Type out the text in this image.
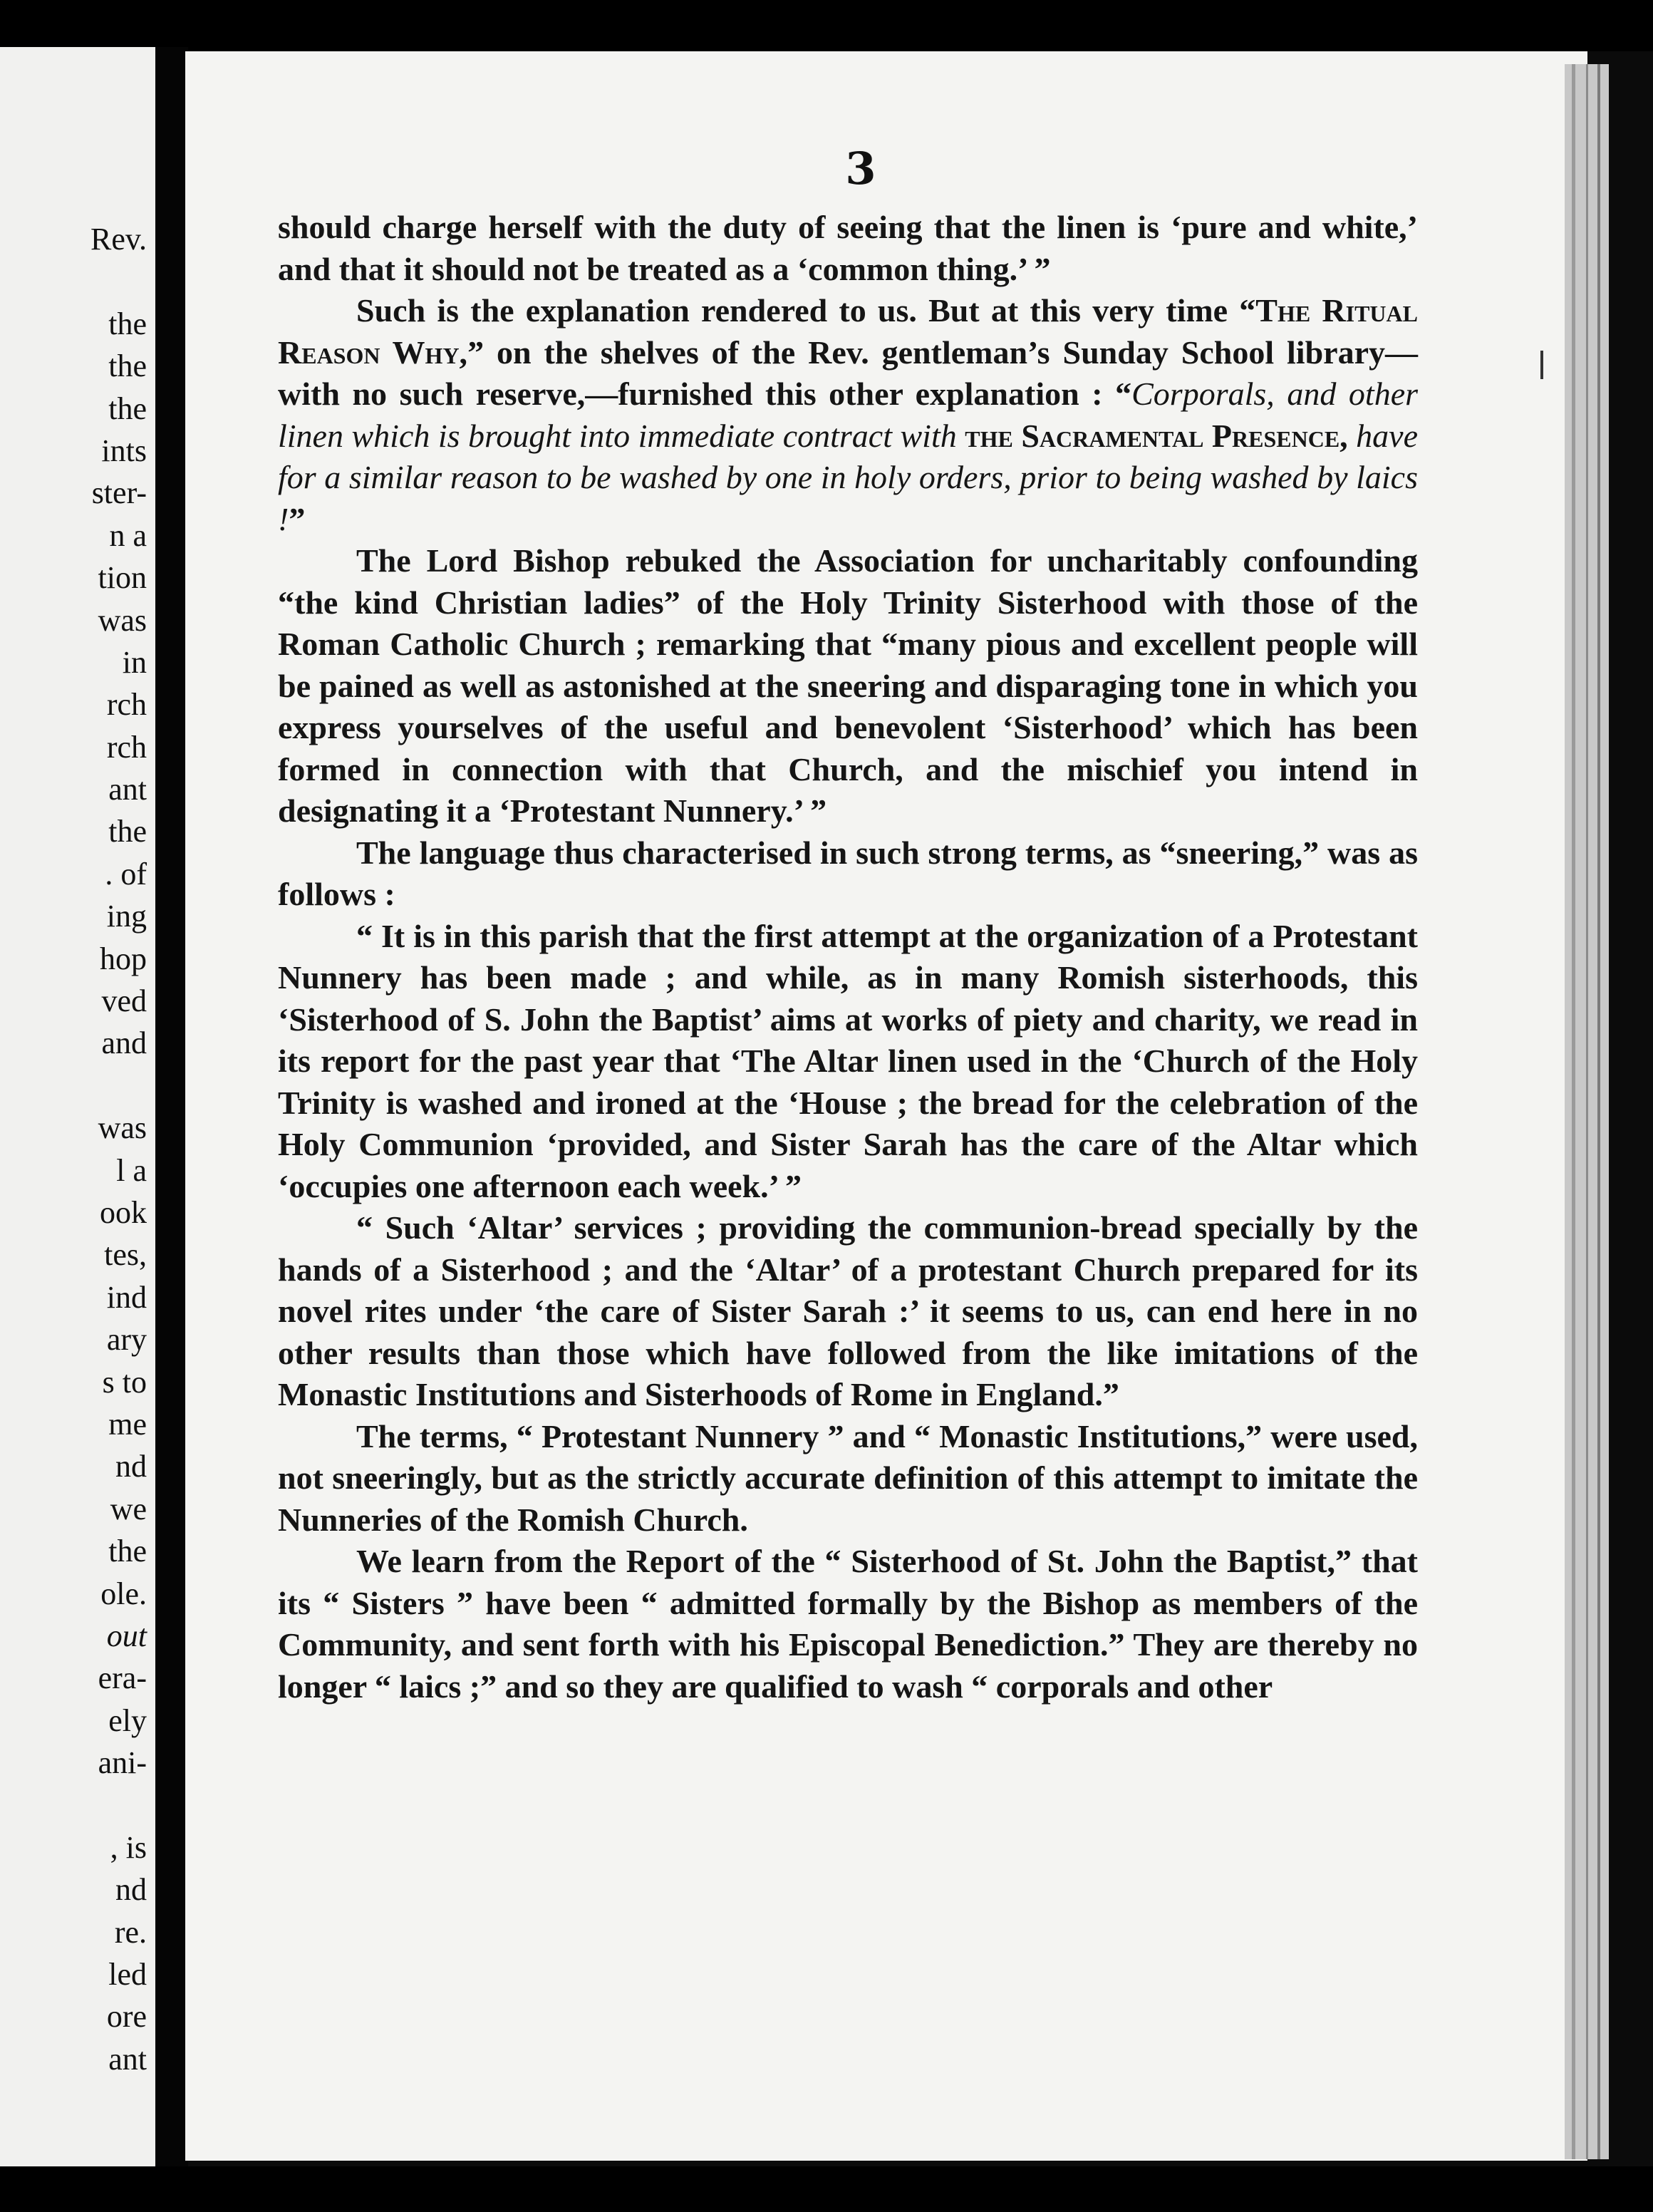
Rev.
the
the
the
ints
ster-
n a
tion
was
in
rch
rch
ant
the
. of
ing
hop
ved
and
was
l a
ook
tes,
ind
ary
s to
me
nd
we
the
ole.
out
era-
ely
ani-
, is
nd
re.
led
ore
ant
3

should charge herself with the duty of seeing that the linen is ‘pure and white,’ and that it should not be treated as a ‘common thing.’ ”

Such is the explanation rendered to us. But at this very time “The Ritual Reason Why,” on the shelves of the Rev. gentleman’s Sunday School library—with no such reserve,—furnished this other explanation : “Corporals, and other linen which is brought into immediate contract with the Sacramental Presence, have for a similar reason to be washed by one in holy orders, prior to being washed by laics !”

The Lord Bishop rebuked the Association for uncharitably confounding “the kind Christian ladies” of the Holy Trinity Sisterhood with those of the Roman Catholic Church ; remarking that “many pious and excellent people will be pained as well as astonished at the sneering and disparaging tone in which you express yourselves of the useful and benevolent ‘Sisterhood’ which has been formed in connection with that Church, and the mischief you intend in designating it a ‘Protestant Nunnery.’ ”

The language thus characterised in such strong terms, as “sneering,” was as follows :

“ It is in this parish that the first attempt at the organization of a Protestant Nunnery has been made ; and while, as in many Romish sisterhoods, this ‘Sisterhood of S. John the Baptist’ aims at works of piety and charity, we read in its report for the past year that ‘The Altar linen used in the ‘Church of the Holy Trinity is washed and ironed at the ‘House ; the bread for the celebration of the Holy Communion ‘provided, and Sister Sarah has the care of the Altar which ‘occupies one afternoon each week.’ ”

“ Such ‘Altar’ services ; providing the communion-bread specially by the hands of a Sisterhood ; and the ‘Altar’ of a protestant Church prepared for its novel rites under ‘the care of Sister Sarah :’ it seems to us, can end here in no other results than those which have followed from the like imitations of the Monastic Institutions and Sisterhoods of Rome in England.”

The terms, “ Protestant Nunnery ” and “ Monastic Institutions,” were used, not sneeringly, but as the strictly accurate definition of this attempt to imitate the Nunneries of the Romish Church.

We learn from the Report of the “ Sisterhood of St. John the Baptist,” that its “ Sisters ” have been “ admitted formally by the Bishop as members of the Community, and sent forth with his Episcopal Benediction.” They are thereby no longer “ laics ;” and so they are qualified to wash “ corporals and other
